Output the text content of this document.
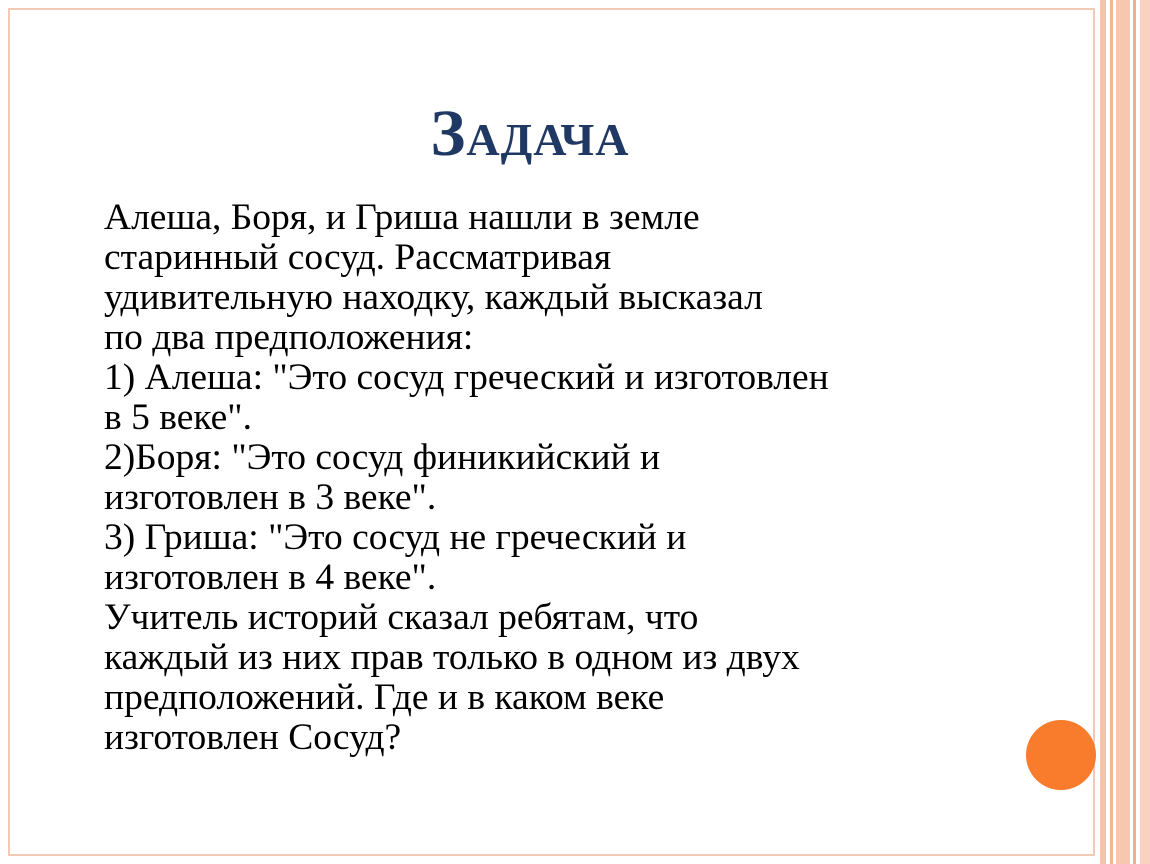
Задача
Алеша, Боря, и Гриша нашли в земле
старинный сосуд. Рассматривая
удивительную находку, каждый высказал
по два предположения:
1) Алеша: "Это сосуд греческий и изготовлен
в 5 веке".
2)Боря: "Это сосуд финикийский и
изготовлен в 3 веке".
3) Гриша: "Это сосуд не греческий и
изготовлен в 4 веке".
Учитель историй сказал ребятам, что
каждый из них прав только в одном из двух
предположений. Где и в каком веке
изготовлен Сосуд?
